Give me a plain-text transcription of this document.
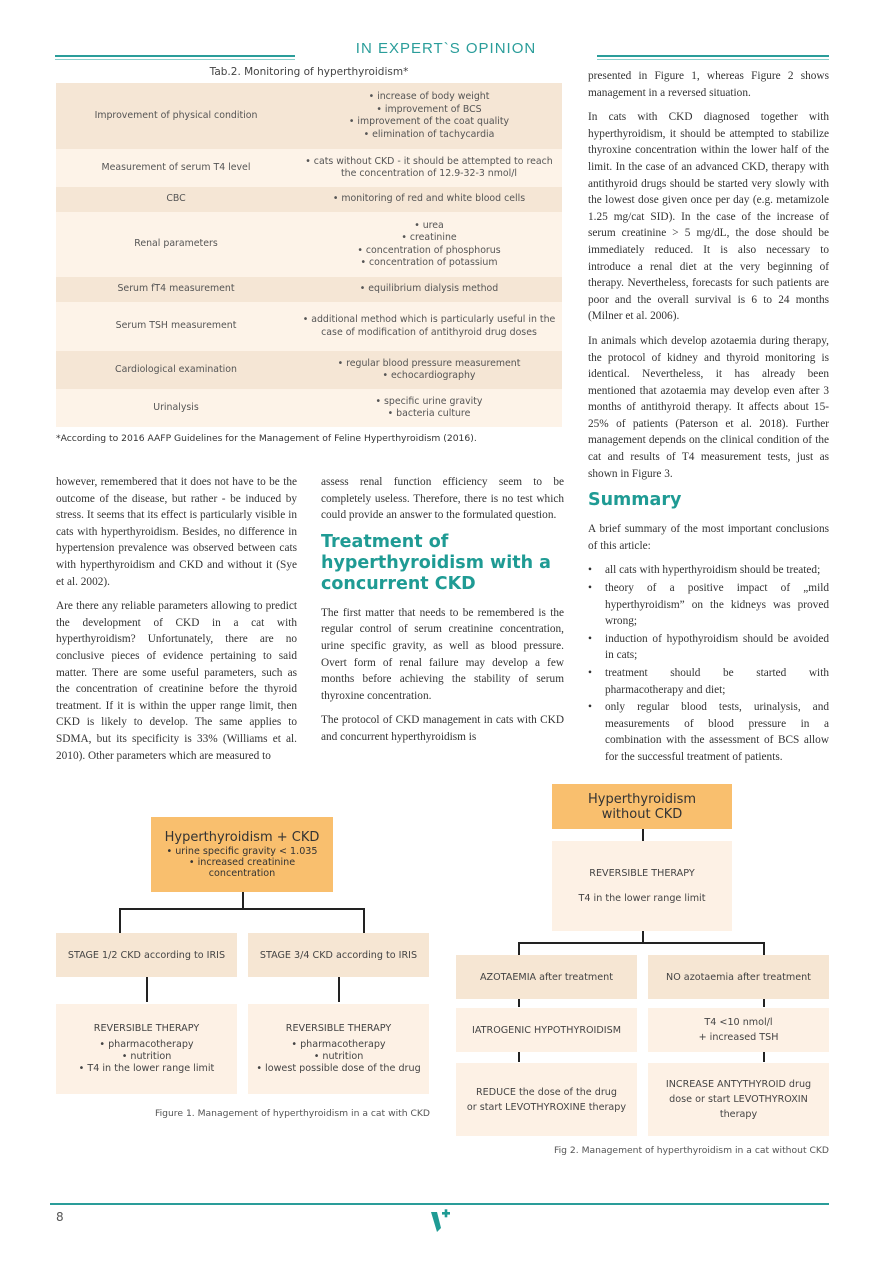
IN EXPERT`S OPINION
Tab.2. Monitoring of hyperthyroidism*
Improvement of physical condition	• increase of body weight
• improvement of BCS
• improvement of the coat quality
• elimination of tachycardia

Measurement of serum T4 level	• cats without CKD - it should be attempted to reach the concentration of 12.9-32-3 nmol/l

CBC	• monitoring of red and white blood cells

Renal parameters	• urea
• creatinine
• concentration of phosphorus
• concentration of potassium

Serum fT4 measurement	• equilibrium dialysis method

Serum TSH measurement	• additional method which is particularly useful in the case of modification of antithyroid drug doses

Cardiological examination	• regular blood pressure measurement
• echocardiography

Urinalysis	• specific urine gravity
• bacteria culture
*According to 2016 AAFP Guidelines for the Management of Feline Hyperthyroidism (2016).

however, remembered that it does not have to be the outcome of the disease, but rather - be induced by stress. It seems that its effect is particularly visible in cats with hyperthyroidism. Besides, no difference in hypertension prevalence was observed between cats with hyperthyroidism and CKD and without it (Sye et al. 2002).

Are there any reliable parameters allowing to predict the development of CKD in a cat with hyperthyroidism? Unfortunately, there are no conclusive pieces of evidence pertaining to said matter. There are some useful parameters, such as the concentration of creatinine before the thyroid treatment. If it is within the upper range limit, then CKD is likely to develop. The same applies to SDMA, but its specificity is 33% (Williams et al. 2010). Other parameters which are measured to

assess renal function efficiency seem to be completely useless. Therefore, there is no test which could provide an answer to the formulated question.

Treatment of hyperthyroidism with a concurrent CKD

The first matter that needs to be remembered is the regular control of serum creatinine concentration, urine specific gravity, as well as blood pressure. Overt form of renal failure may develop a few months before achieving the stability of serum thyroxine concentration.

The protocol of CKD management in cats with CKD and concurrent hyperthyroidism is

presented in Figure 1, whereas Figure 2 shows management in a reversed situation.

In cats with CKD diagnosed together with hyperthyroidism, it should be attempted to stabilize thyroxine concentration within the lower half of the limit. In the case of an advanced CKD, therapy with antithyroid drugs should be started very slowly with the lowest dose given once per day (e.g. metamizole 1.25 mg/cat SID). In the case of the increase of serum creatinine > 5 mg/dL, the dose should be immediately reduced. It is also necessary to introduce a renal diet at the very beginning of therapy. Nevertheless, forecasts for such patients are poor and the overall survival is 6 to 24 months (Milner et al. 2006).

In animals which develop azotaemia during therapy, the protocol of kidney and thyroid monitoring is identical. Nevertheless, it has already been mentioned that azotaemia may develop even after 3 months of antithyroid therapy. It affects about 15-25% of patients (Paterson et al. 2018). Further management depends on the clinical condition of the cat and results of T4 measurement tests, just as shown in Figure 3.

Summary

A brief summary of the most important conclusions of this article:

• all cats with hyperthyroidism should be treated;
• theory of a positive impact of „mild hyperthyroidism” on the kidneys was proved wrong;
• induction of hypothyroidism should be avoided in cats;
• treatment should be started with pharmacotherapy and diet;
• only regular blood tests, urinalysis, and measurements of blood pressure in a combination with the assessment of BCS allow for the successful treatment of patients.
Hyperthyroidism + CKD
• urine specific gravity < 1.035
• increased creatinine
concentration
STAGE 1/2 CKD according to IRIS	STAGE 3/4 CKD according to IRIS
REVERSIBLE THERAPY
• pharmacotherapy
• nutrition
• T4 in the lower range limit
REVERSIBLE THERAPY
• pharmacotherapy
• nutrition
• lowest possible dose of the drug
Figure 1. Management of hyperthyroidism in a cat with CKD
Hyperthyroidism
without CKD
REVERSIBLE THERAPY
T4 in the lower range limit
AZOTAEMIA after treatment	NO azotaemia after treatment
IATROGENIC HYPOTHYROIDISM
T4 <10 nmol/l
+ increased TSH
REDUCE the dose of the drug
or start LEVOTHYROXINE therapy
INCREASE ANTYTHYROID drug
dose or start LEVOTHYROXIN
therapy
Fig 2. Management of hyperthyroidism in a cat without CKD
8
